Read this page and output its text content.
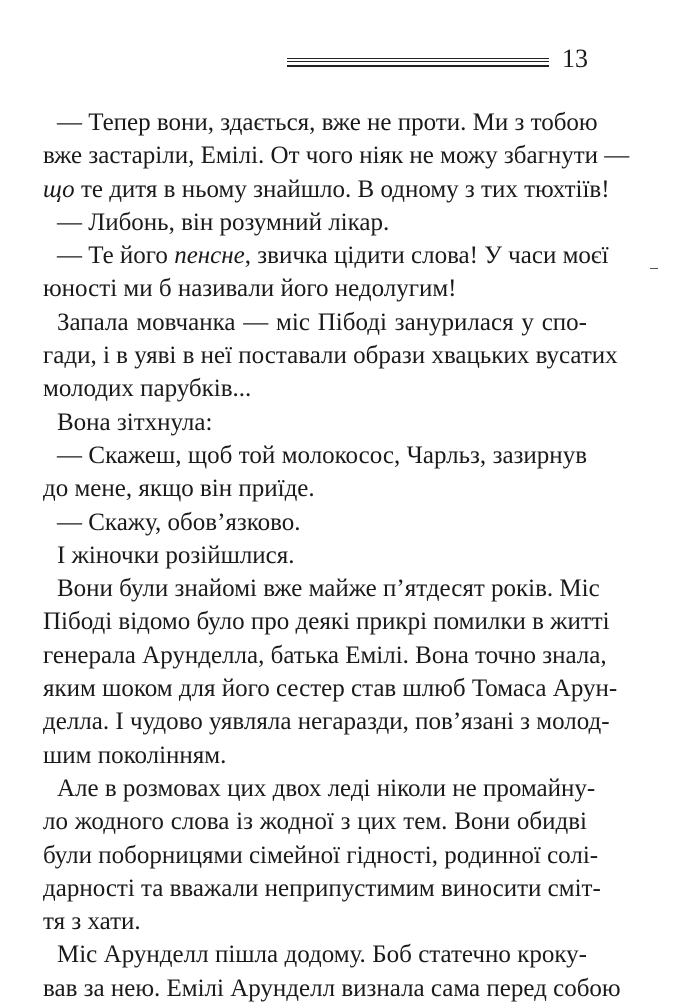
13
— Тепер вони, здається, вже не проти. Ми з тобою
вже застаріли, Емілі. От чого ніяк не можу збагнути —
що те дитя в ньому знайшло. В одному з тих тюхтіїв!
— Либонь, він розумний лікар.
— Те його пенсне, звичка цідити слова! У часи моєї
юності ми б називали його недолугим!
Запала мовчанка — міс Пібоді занурилася у спо-
гади, і в уяві в неї поставали образи хвацьких вусатих
молодих парубків...
Вона зітхнула:
— Скажеш, щоб той молокосос, Чарльз, зазирнув
до мене, якщо він приїде.
— Скажу, обов’язково.
І жіночки розійшлися.
Вони були знайомі вже майже п’ятдесят років. Міс
Пібоді відомо було про деякі прикрі помилки в житті
генерала Арунделла, батька Емілі. Вона точно знала,
яким шоком для його сестер став шлюб Томаса Арун-
делла. І чудово уявляла негаразди, пов’язані з молод-
шим поколінням.
Але в розмовах цих двох леді ніколи не промайну-
ло жодного слова із жодної з цих тем. Вони обидві
були поборницями сімейної гідності, родинної солі-
дарності та вважали неприпустимим виносити сміт-
тя з хати.
Міс Арунделл пішла додому. Боб статечно кроку-
вав за нею. Емілі Арунделл визнала сама перед собою
